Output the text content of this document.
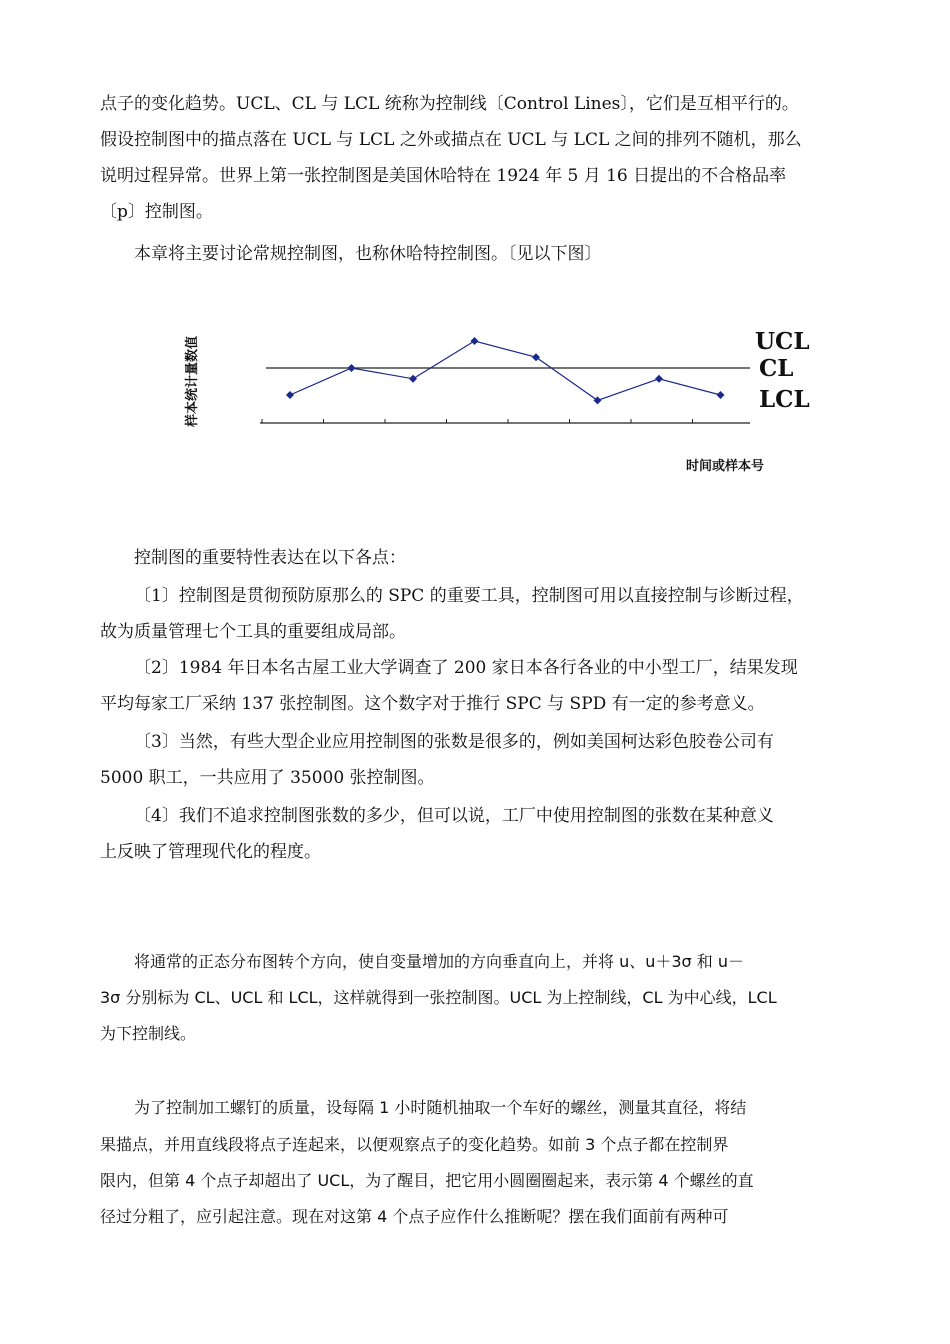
点子的变化趋势。UCL、CL 与 LCL 统称为控制线〔Control Lines〕，它们是互相平行的。
假设控制图中的描点落在 UCL 与 LCL 之外或描点在 UCL 与 LCL 之间的排列不随机，那么
说明过程异常。世界上第一张控制图是美国休哈特在 1924 年 5 月 16 日提出的不合格品率
〔p〕控制图。
本章将主要讨论常规控制图，也称休哈特控制图。〔见以下图〕
样本统计量数值	UCL
CL
LCL
时间或样本号
控制图的重要特性表达在以下各点：
〔1〕控制图是贯彻预防原那么的 SPC 的重要工具，控制图可用以直接控制与诊断过程，
故为质量管理七个工具的重要组成局部。
〔2〕1984 年日本名古屋工业大学调查了 200 家日本各行各业的中小型工厂，结果发现
平均每家工厂采纳 137 张控制图。这个数字对于推行 SPC 与 SPD 有一定的参考意义。
〔3〕当然，有些大型企业应用控制图的张数是很多的，例如美国柯达彩色胶卷公司有
5000 职工，一共应用了 35000 张控制图。
〔4〕我们不追求控制图张数的多少，但可以说，工厂中使用控制图的张数在某种意义
上反映了管理现代化的程度。
将通常的正态分布图转个方向，使自变量增加的方向垂直向上，并将 u、u＋3σ 和 u－
3σ 分别标为 CL、UCL 和 LCL，这样就得到一张控制图。UCL 为上控制线，CL 为中心线，LCL
为下控制线。
为了控制加工螺钉的质量，设每隔 1 小时随机抽取一个车好的螺丝，测量其直径，将结
果描点，并用直线段将点子连起来，以便观察点子的变化趋势。如前 3 个点子都在控制界
限内，但第 4 个点子却超出了 UCL，为了醒目，把它用小圆圈圈起来，表示第 4 个螺丝的直
径过分粗了，应引起注意。现在对这第 4 个点子应作什么推断呢？摆在我们面前有两种可
